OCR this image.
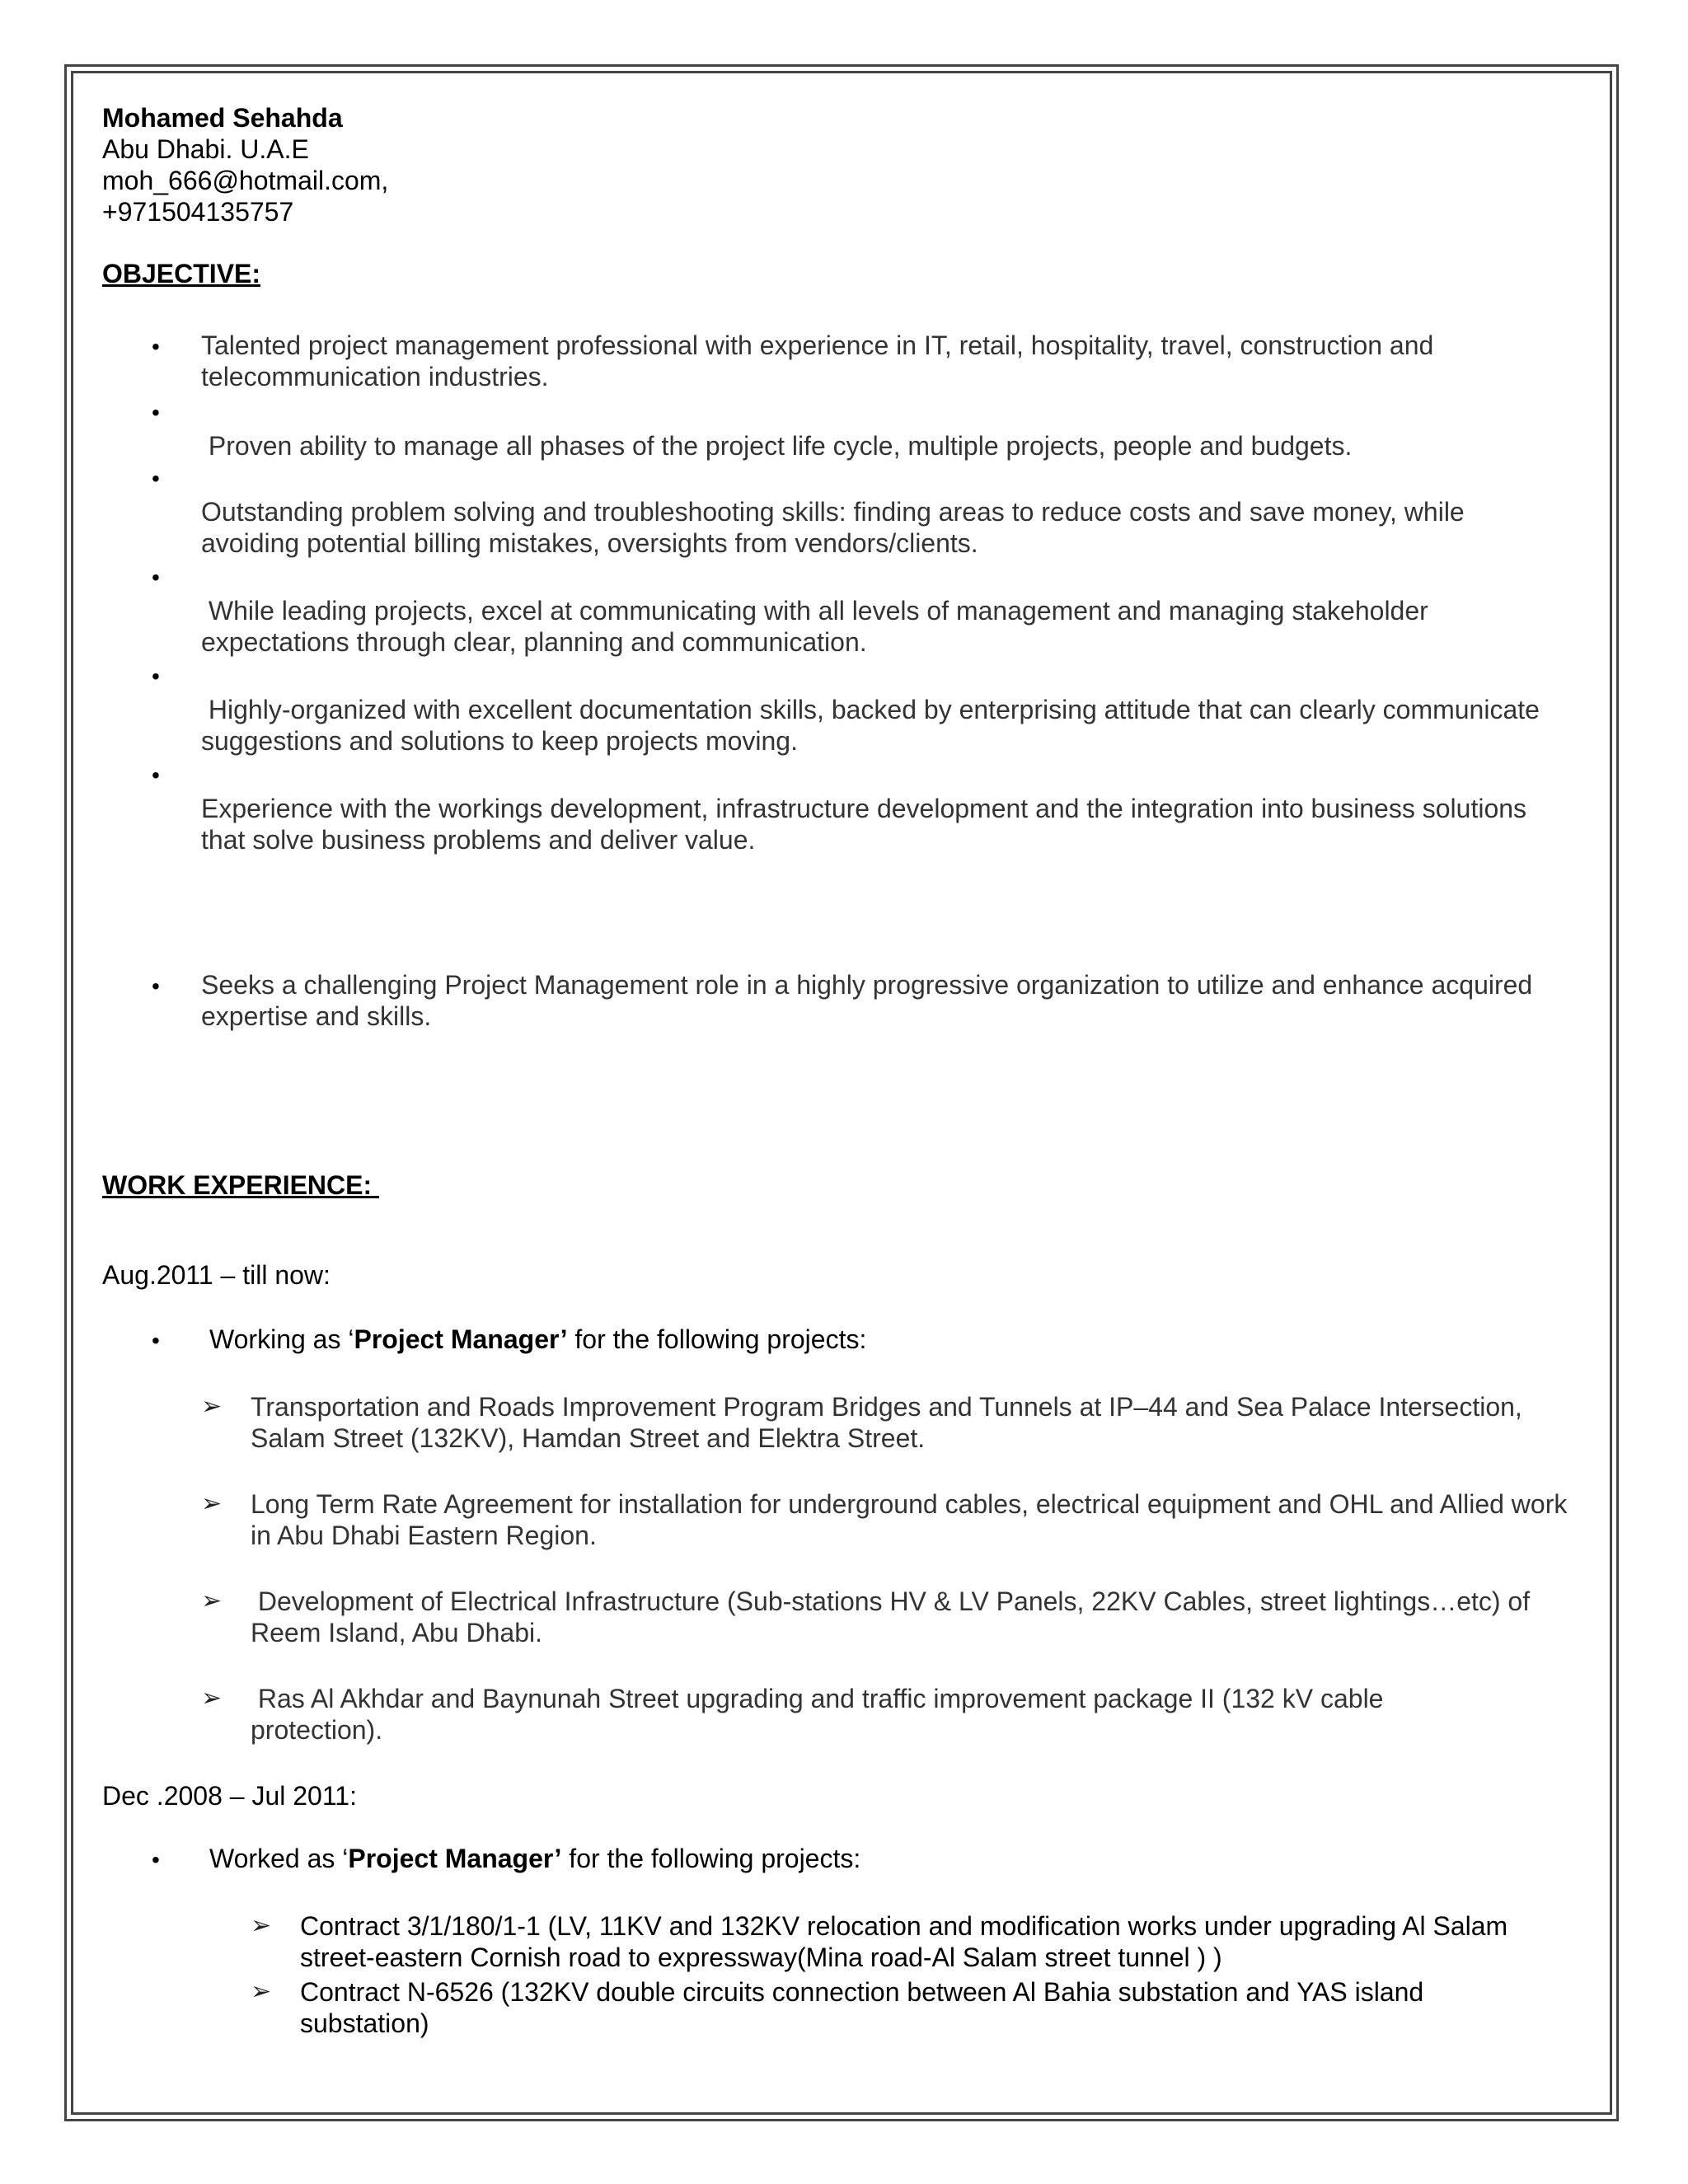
Mohamed Sehahda

Abu Dhabi. U.A.E

moh_666@hotmail.com,

+971504135757

OBJECTIVE:

• Talented project management professional with experience in IT, retail, hospitality, travel, construction and telecommunication industries.

•

Proven ability to manage all phases of the project life cycle, multiple projects, people and budgets.

•

Outstanding problem solving and troubleshooting skills: finding areas to reduce costs and save money, while avoiding potential billing mistakes, oversights from vendors/clients.

•

While leading projects, excel at communicating with all levels of management and managing stakeholder expectations through clear, planning and communication.

•

Highly-organized with excellent documentation skills, backed by enterprising attitude that can clearly communicate suggestions and solutions to keep projects moving.

•

Experience with the workings development, infrastructure development and the integration into business solutions that solve business problems and deliver value.

• Seeks a challenging Project Management role in a highly progressive organization to utilize and enhance acquired expertise and skills.

WORK EXPERIENCE:

Aug.2011 – till now:

• Working as ‘Project Manager’ for the following projects:

➢ Transportation and Roads Improvement Program Bridges and Tunnels at IP–44 and Sea Palace Intersection, Salam Street (132KV), Hamdan Street and Elektra Street.

➢ Long Term Rate Agreement for installation for underground cables, electrical equipment and OHL and Allied work in Abu Dhabi Eastern Region.

➢ Development of Electrical Infrastructure (Sub-stations HV & LV Panels, 22KV Cables, street lightings…etc) of Reem Island, Abu Dhabi.

➢ Ras Al Akhdar and Baynunah Street upgrading and traffic improvement package II (132 kV cable protection).

Dec .2008 – Jul 2011:

• Worked as ‘Project Manager’ for the following projects:

➢ Contract 3/1/180/1-1 (LV, 11KV and 132KV relocation and modification works under upgrading Al Salam street-eastern Cornish road to expressway(Mina road-Al Salam street tunnel ) )

➢ Contract N-6526 (132KV double circuits connection between Al Bahia substation and YAS island substation)
